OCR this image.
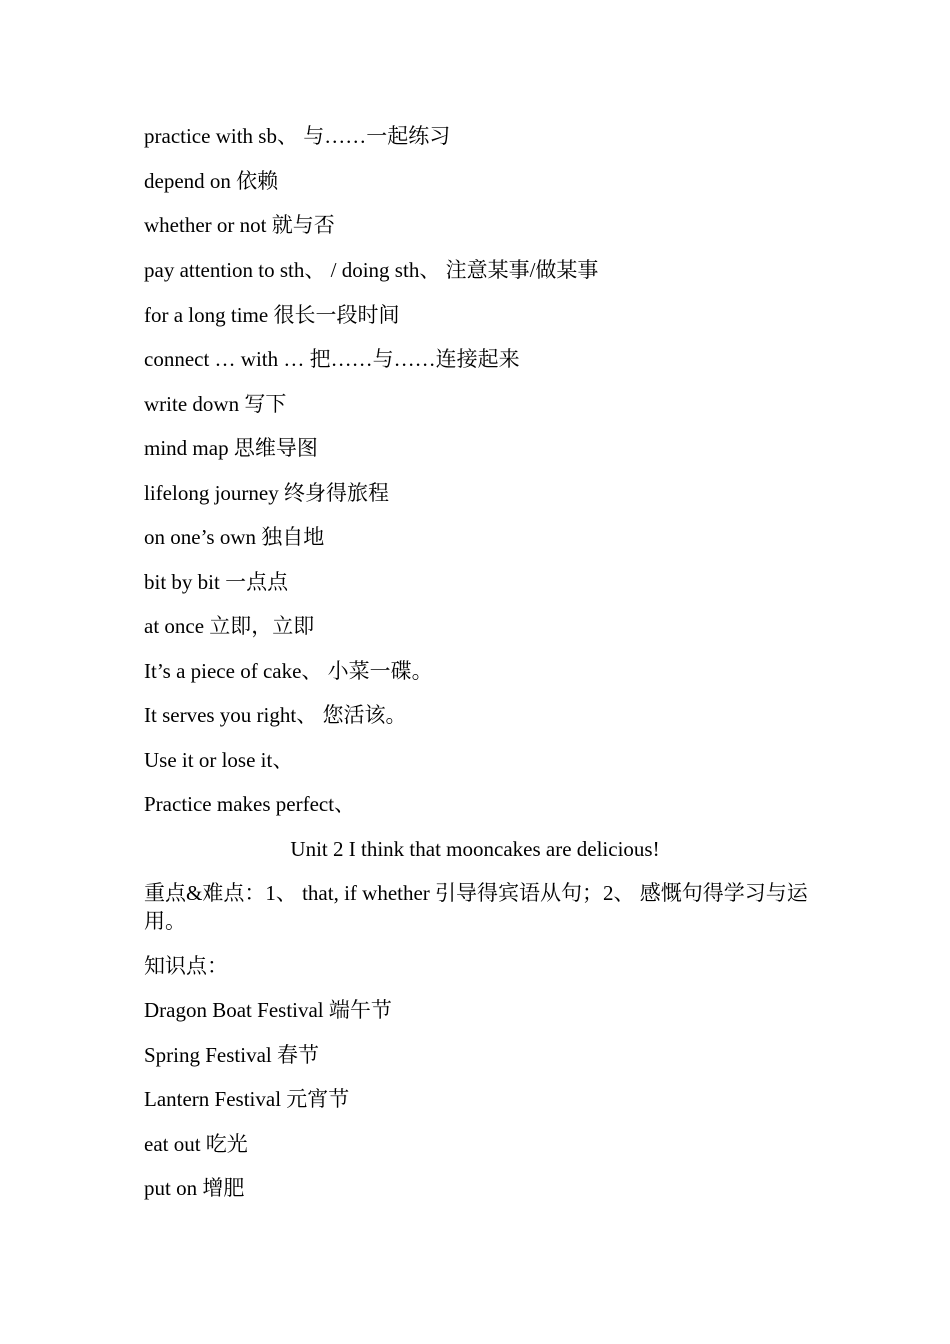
practice with sb、 与……一起练习
depend on 依赖
whether or not 就与否
pay attention to sth、 / doing sth、 注意某事/做某事
for a long time 很长一段时间
connect … with … 把……与……连接起来
write down 写下
mind map 思维导图
lifelong journey 终身得旅程
on one’s own 独自地
bit by bit 一点点
at once 立即，立即
It’s a piece of cake、 小菜一碟。
It serves you right、 您活该。
Use it or lose it、
Practice makes perfect、
Unit 2 I think that mooncakes are delicious!
重点&难点：1、 that, if whether 引导得宾语从句；2、 感慨句得学习与运用。
知识点：
Dragon Boat Festival 端午节
Spring Festival 春节
Lantern Festival 元宵节
eat out 吃光
put on 增肥
